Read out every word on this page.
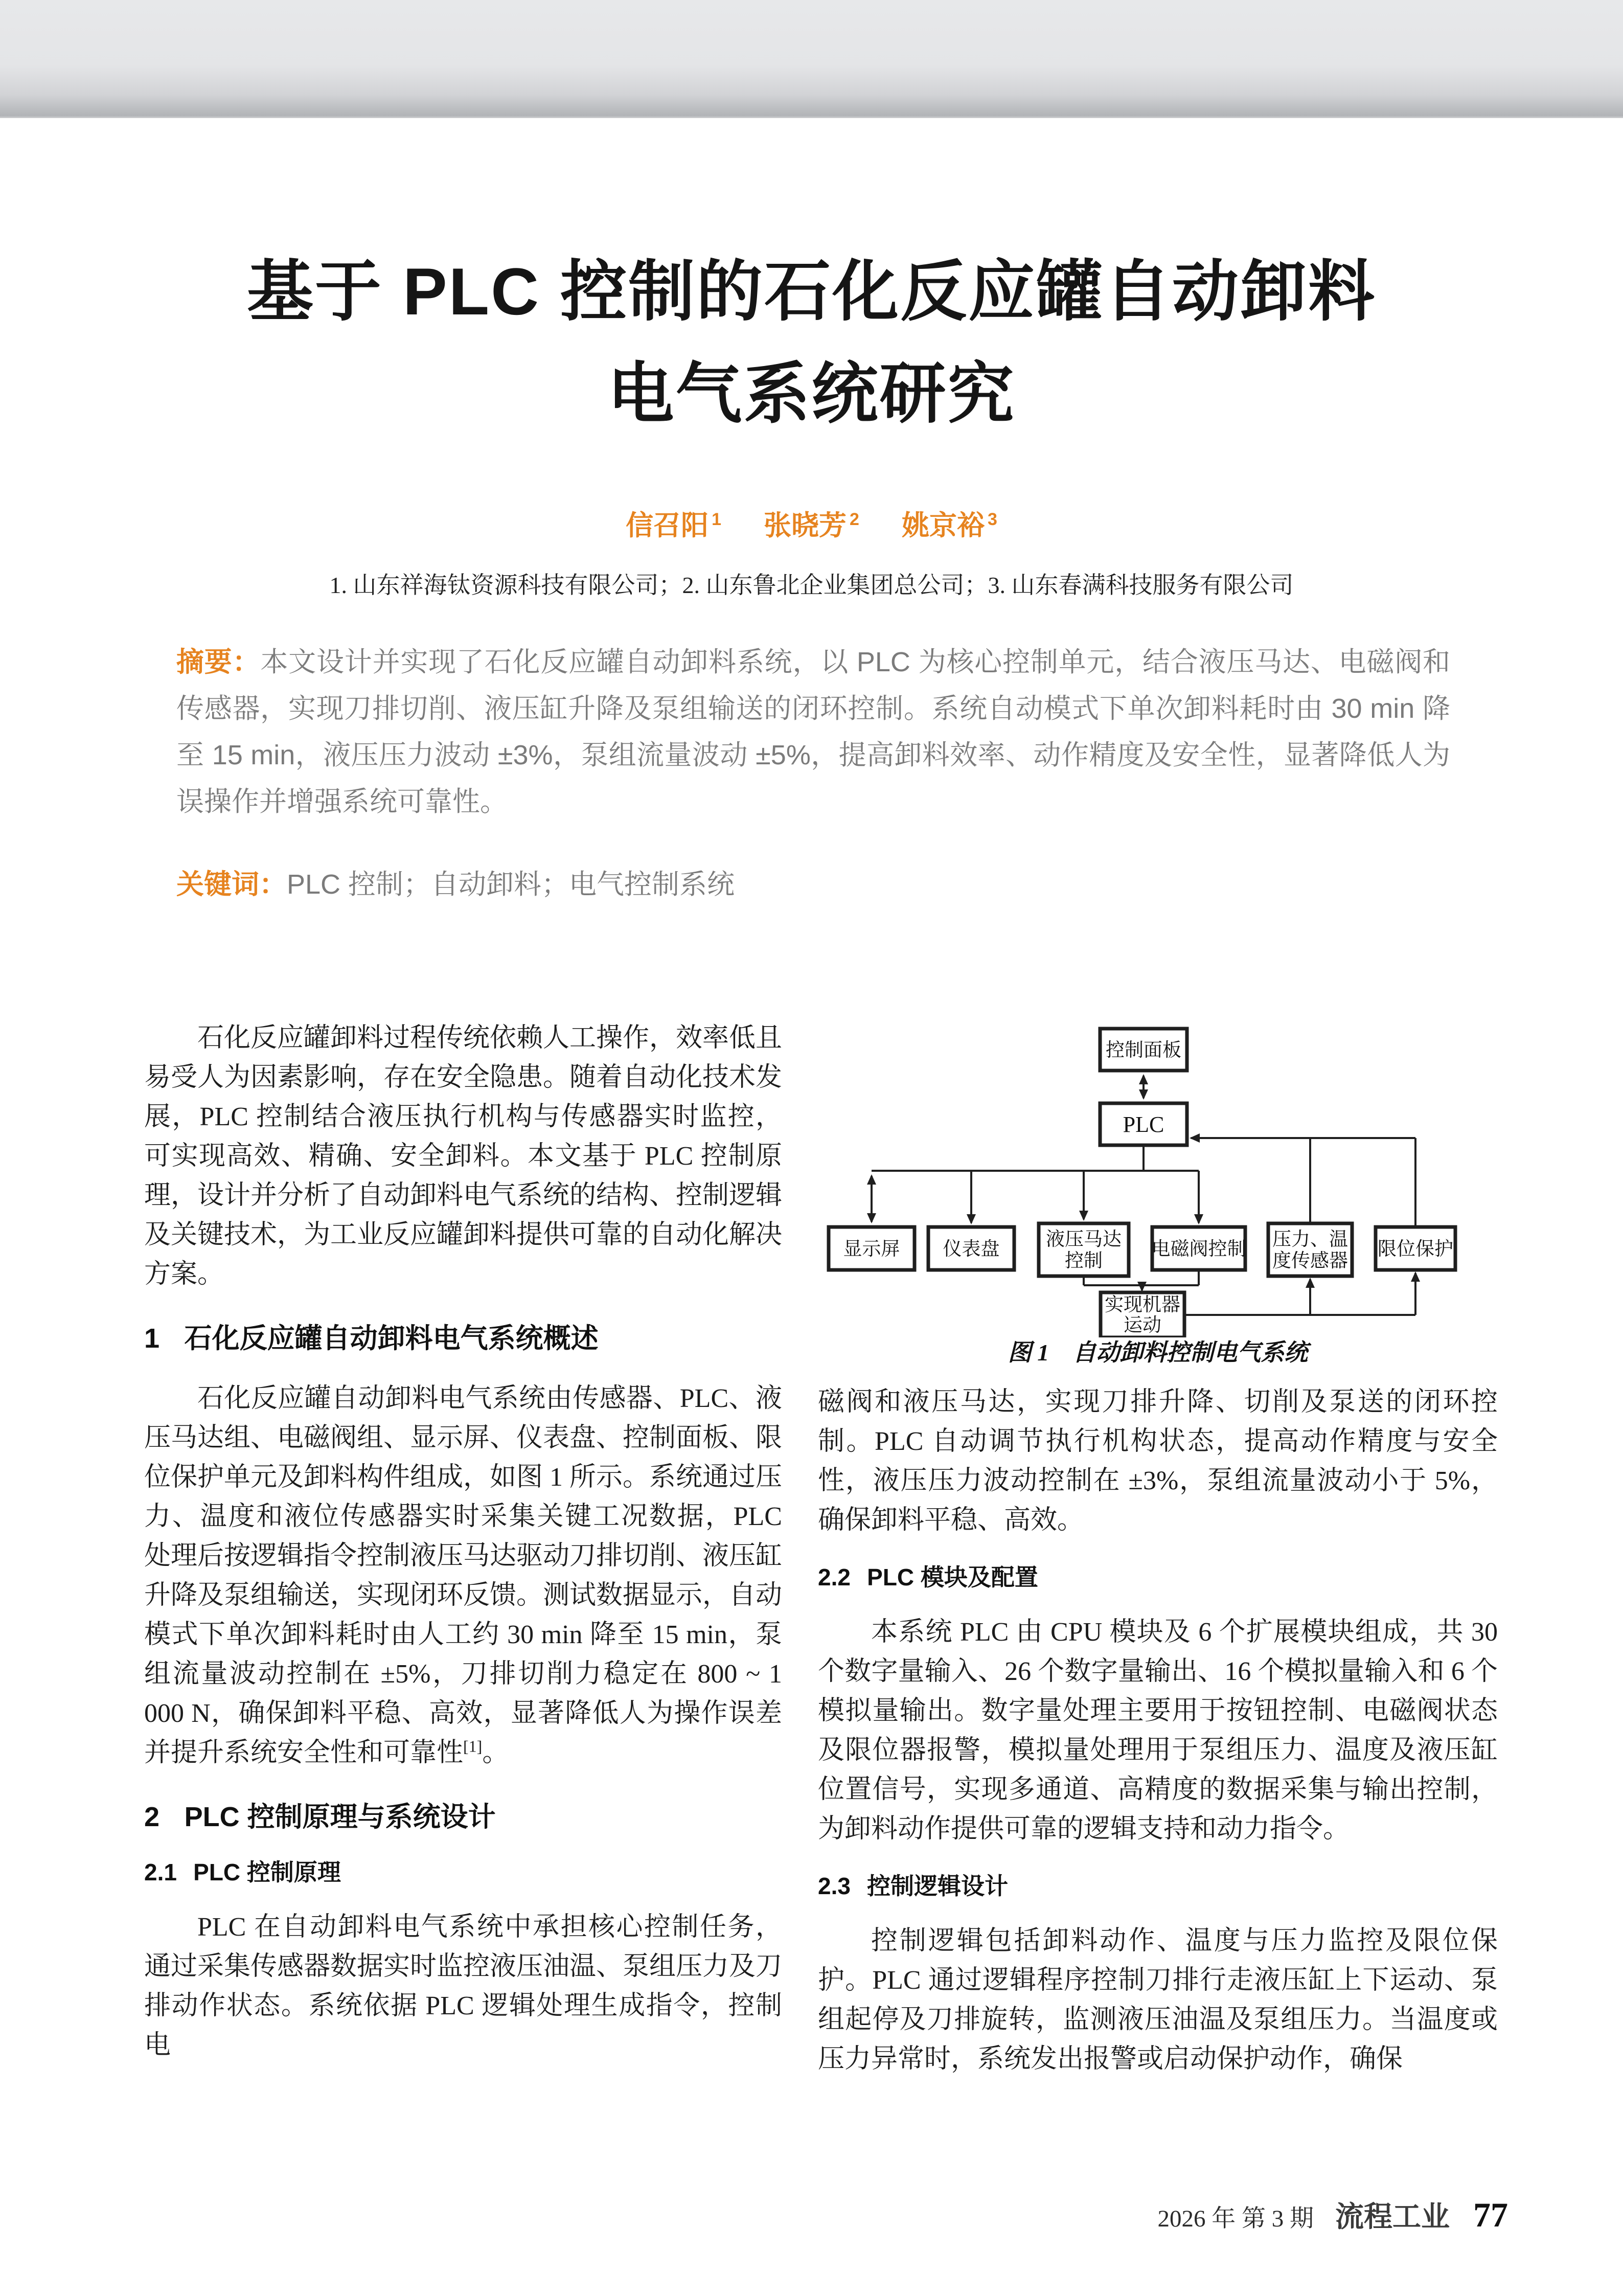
基于 PLC 控制的石化反应罐自动卸料
电气系统研究
信召阳 $^1$ 张晓芳 $^2$ 姚京裕 $^3$
1. 山东祥海钛资源科技有限公司；2. 山东鲁北企业集团总公司；3. 山东春满科技服务有限公司
摘要：本文设计并实现了石化反应罐自动卸料系统，以 PLC 为核心控制单元，结合液压马达、电磁阀和传感器，实现刀排切削、液压缸升降及泵组输送的闭环控制。系统自动模式下单次卸料耗时由 30 min 降至 15 min，液压压力波动 ±3%，泵组流量波动 ±5%，提高卸料效率、动作精度及安全性，显著降低人为误操作并增强系统可靠性。
关键词：PLC 控制；自动卸料；电气控制系统

石化反应罐卸料过程传统依赖人工操作，效率低且易受人为因素影响，存在安全隐患。随着自动化技术发展，PLC 控制结合液压执行机构与传感器实时监控，可实现高效、精确、安全卸料。本文基于 PLC 控制原理，设计并分析了自动卸料电气系统的结构、控制逻辑及关键技术，为工业反应罐卸料提供可靠的自动化解决方案。

1 石化反应罐自动卸料电气系统概述

石化反应罐自动卸料电气系统由传感器、PLC、液压马达组、电磁阀组、显示屏、仪表盘、控制面板、限位保护单元及卸料构件组成，如图 1 所示。系统通过压力、温度和液位传感器实时采集关键工况数据，PLC 处理后按逻辑指令控制液压马达驱动刀排切削、液压缸升降及泵组输送，实现闭环反馈。测试数据显示，自动模式下单次卸料耗时由人工约 30 min 降至 15 min，泵组流量波动控制在 ±5%，刀排切削力稳定在 800 ~ 1 000 N，确保卸料平稳、高效，显著降低人为操作误差并提升系统安全性和可靠性[1]。

2 PLC 控制原理与系统设计
2.1 PLC 控制原理

PLC 在自动卸料电气系统中承担核心控制任务，通过采集传感器数据实时监控液压油温、泵组压力及刀排动作状态。系统依据 PLC 逻辑处理生成指令，控制电

控制面板
PLC
显示屏 仪表盘 液压马达
控制
电磁阀控制 压力、温
度传感器
限位保护
实现机器
运动
图 1　自动卸料控制电气系统

磁阀和液压马达，实现刀排升降、切削及泵送的闭环控制。PLC 自动调节执行机构状态，提高动作精度与安全性，液压压力波动控制在 ±3%，泵组流量波动小于 5%，确保卸料平稳、高效。

2.2 PLC 模块及配置

本系统 PLC 由 CPU 模块及 6 个扩展模块组成，共 30 个数字量输入、26 个数字量输出、16 个模拟量输入和 6 个模拟量输出。数字量处理主要用于按钮控制、电磁阀状态及限位器报警，模拟量处理用于泵组压力、温度及液压缸位置信号，实现多通道、高精度的数据采集与输出控制，为卸料动作提供可靠的逻辑支持和动力指令。

2.3 控制逻辑设计

控制逻辑包括卸料动作、温度与压力监控及限位保护。PLC 通过逻辑程序控制刀排行走液压缸上下运动、泵组起停及刀排旋转，监测液压油温及泵组压力。当温度或压力异常时，系统发出报警或启动保护动作，确保

2026 年 第 3 期 流程工业 77
